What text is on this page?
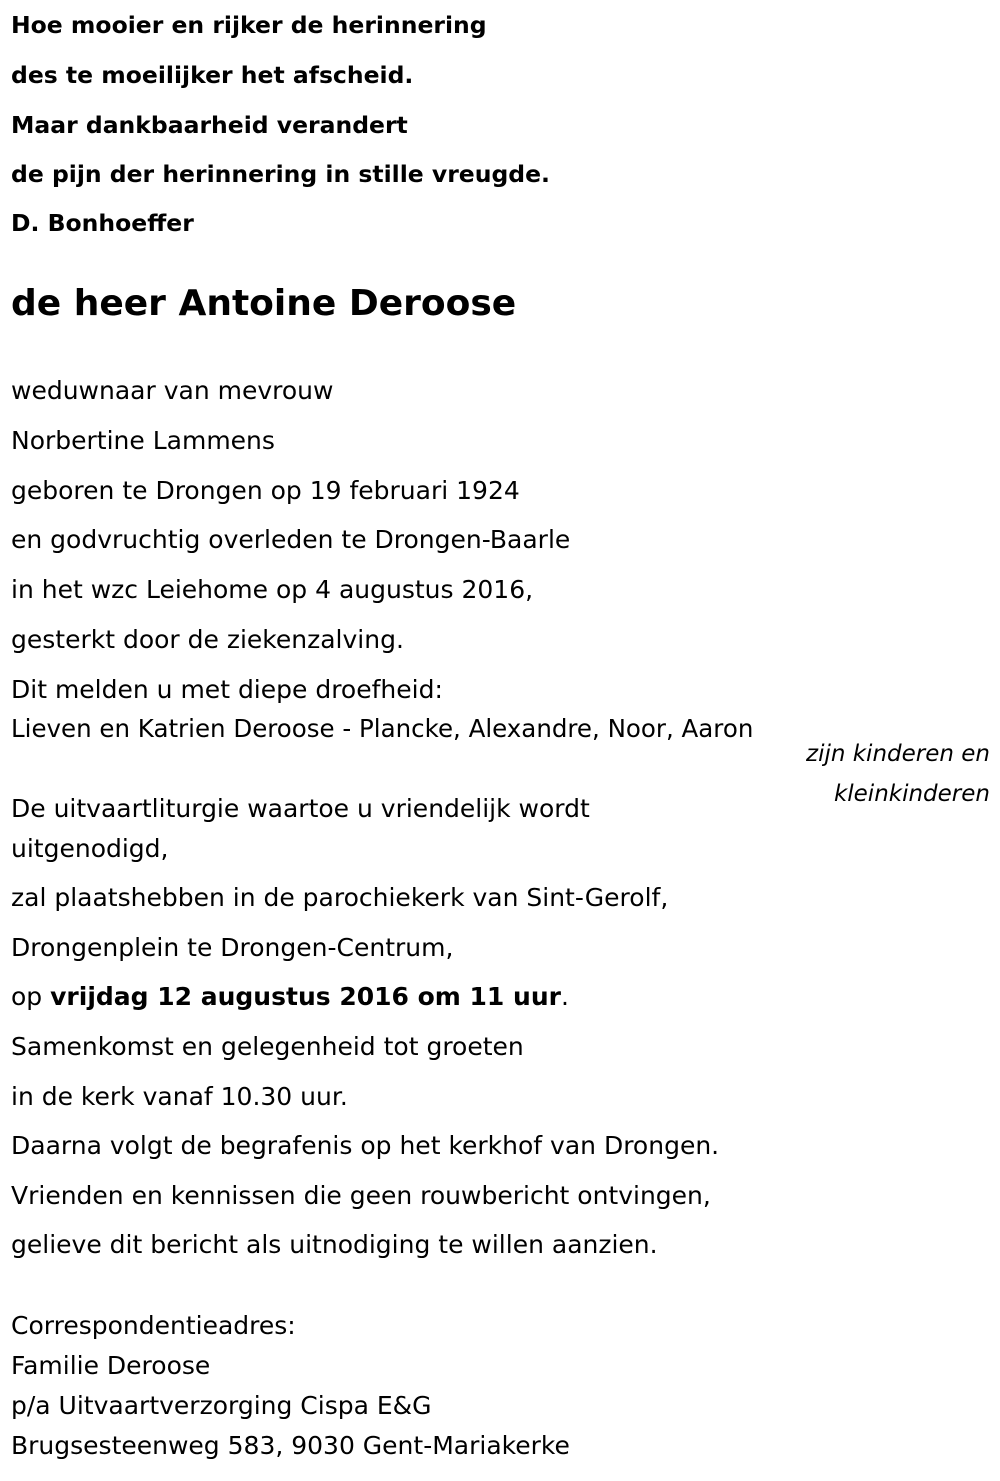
Hoe mooier en rijker de herinnering
des te moeilijker het afscheid.
Maar dankbaarheid verandert
de pijn der herinnering in stille vreugde.
D. Bonhoeffer
de heer Antoine Deroose
weduwnaar van mevrouw
Norbertine Lammens
geboren te Drongen op 19 februari 1924
en godvruchtig overleden te Drongen-Baarle
in het wzc Leiehome op 4 augustus 2016,
gesterkt door de ziekenzalving.
Dit melden u met diepe droefheid:
Lieven en Katrien Deroose - Plancke, Alexandre, Noor, Aaron
zijn kinderen en
kleinkinderen
De uitvaartliturgie waartoe u vriendelijk wordt
uitgenodigd,
zal plaatshebben in de parochiekerk van Sint-Gerolf,
Drongenplein te Drongen-Centrum,
op vrijdag 12 augustus 2016 om 11 uur.
Samenkomst en gelegenheid tot groeten
in de kerk vanaf 10.30 uur.
Daarna volgt de begrafenis op het kerkhof van Drongen.
Vrienden en kennissen die geen rouwbericht ontvingen,
gelieve dit bericht als uitnodiging te willen aanzien.
Correspondentieadres:
Familie Deroose
p/a Uitvaartverzorging Cispa E&G
Brugsesteenweg 583, 9030 Gent-Mariakerke
